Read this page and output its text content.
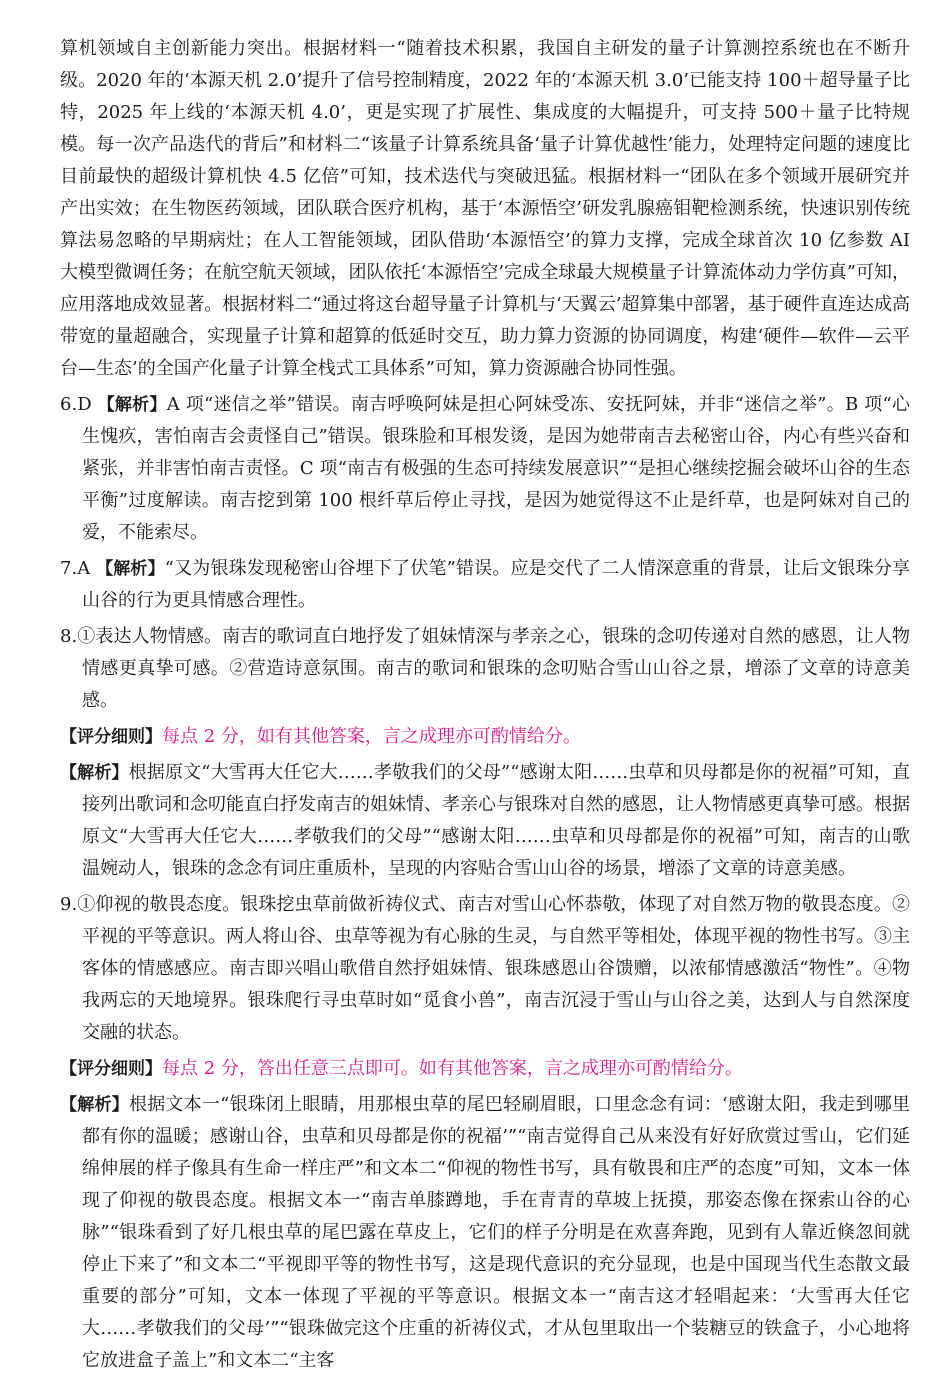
算机领域自主创新能力突出。根据材料一“随着技术积累，我国自主研发的量子计算测控系统也在不断升级。2020 年的‘本源天机 2.0’提升了信号控制精度，2022 年的‘本源天机 3.0’已能支持 100＋超导量子比特，2025 年上线的‘本源天机 4.0’，更是实现了扩展性、集成度的大幅提升，可支持 500＋量子比特规模。每一次产品迭代的背后”和材料二“该量子计算系统具备‘量子计算优越性’能力，处理特定问题的速度比目前最快的超级计算机快 4.5 亿倍”可知，技术迭代与突破迅猛。根据材料一“团队在多个领域开展研究并产出实效；在生物医药领域，团队联合医疗机构，基于‘本源悟空’研发乳腺癌钼靶检测系统，快速识别传统算法易忽略的早期病灶；在人工智能领域，团队借助‘本源悟空’的算力支撑，完成全球首次 10 亿参数 AI 大模型微调任务；在航空航天领域，团队依托‘本源悟空’完成全球最大规模量子计算流体动力学仿真”可知，应用落地成效显著。根据材料二“通过将这台超导量子计算机与‘天翼云’超算集中部署，基于硬件直连达成高带宽的量超融合，实现量子计算和超算的低延时交互，助力算力资源的协同调度，构建‘硬件—软件—云平台—生态’的全国产化量子计算全栈式工具体系”可知，算力资源融合协同性强。

6.D 【解析】A 项“迷信之举”错误。南吉呼唤阿妹是担心阿妹受冻、安抚阿妹，并非“迷信之举”。B 项“心生愧疚，害怕南吉会责怪自己”错误。银珠脸和耳根发烫，是因为她带南吉去秘密山谷，内心有些兴奋和紧张，并非害怕南吉责怪。C 项“南吉有极强的生态可持续发展意识”“是担心继续挖掘会破坏山谷的生态平衡”过度解读。南吉挖到第 100 根纤草后停止寻找，是因为她觉得这不止是纤草，也是阿妹对自己的爱，不能索尽。

7.A 【解析】“又为银珠发现秘密山谷埋下了伏笔”错误。应是交代了二人情深意重的背景，让后文银珠分享山谷的行为更具情感合理性。

8.①表达人物情感。南吉的歌词直白地抒发了姐妹情深与孝亲之心，银珠的念叨传递对自然的感恩，让人物情感更真挚可感。②营造诗意氛围。南吉的歌词和银珠的念叨贴合雪山山谷之景，增添了文章的诗意美感。

【评分细则】每点 2 分，如有其他答案，言之成理亦可酌情给分。

【解析】根据原文“大雪再大任它大……孝敬我们的父母”“感谢太阳……虫草和贝母都是你的祝福”可知，直接列出歌词和念叨能直白抒发南吉的姐妹情、孝亲心与银珠对自然的感恩，让人物情感更真挚可感。根据原文“大雪再大任它大……孝敬我们的父母”“感谢太阳……虫草和贝母都是你的祝福”可知，南吉的山歌温婉动人，银珠的念念有词庄重质朴，呈现的内容贴合雪山山谷的场景，增添了文章的诗意美感。

9.①仰视的敬畏态度。银珠挖虫草前做祈祷仪式、南吉对雪山心怀恭敬，体现了对自然万物的敬畏态度。②平视的平等意识。两人将山谷、虫草等视为有心脉的生灵，与自然平等相处，体现平视的物性书写。③主客体的情感感应。南吉即兴唱山歌借自然抒姐妹情、银珠感恩山谷馈赠，以浓郁情感激活“物性”。④物我两忘的天地境界。银珠爬行寻虫草时如“觅食小兽”，南吉沉浸于雪山与山谷之美，达到人与自然深度交融的状态。

【评分细则】每点 2 分，答出任意三点即可。如有其他答案，言之成理亦可酌情给分。

【解析】根据文本一“银珠闭上眼睛，用那根虫草的尾巴轻刷眉眼，口里念念有词：‘感谢太阳，我走到哪里都有你的温暖；感谢山谷，虫草和贝母都是你的祝福’”“南吉觉得自己从来没有好好欣赏过雪山，它们延绵伸展的样子像具有生命一样庄严”和文本二“仰视的物性书写，具有敬畏和庄严的态度”可知，文本一体现了仰视的敬畏态度。根据文本一“南吉单膝蹲地，手在青青的草坡上抚摸，那姿态像在探索山谷的心脉”“银珠看到了好几根虫草的尾巴露在草皮上，它们的样子分明是在欢喜奔跑，见到有人靠近倏忽间就停止下来了”和文本二“平视即平等的物性书写，这是现代意识的充分显现，也是中国现当代生态散文最重要的部分”可知，文本一体现了平视的平等意识。根据文本一“南吉这才轻唱起来：‘大雪再大任它大……孝敬我们的父母’”“银珠做完这个庄重的祈祷仪式，才从包里取出一个装糖豆的铁盒子，小心地将它放进盒子盖上”和文本二“主客
